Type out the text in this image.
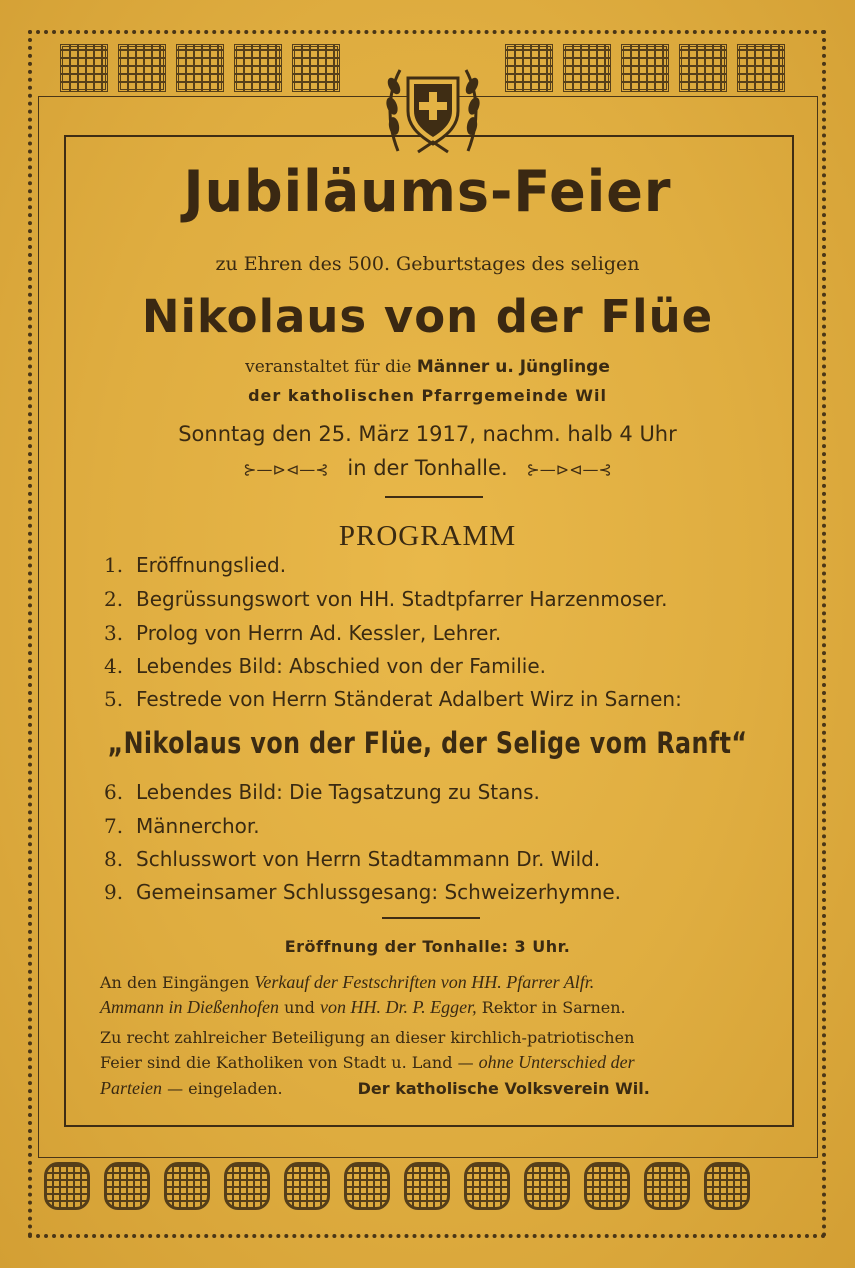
Jubiläums-Feier
zu Ehren des 500. Geburtstages des seligen
Nikolaus von der Flüe
veranstaltet für die Männer u. Jünglinge
der katholischen Pfarrgemeinde Wil
Sonntag den 25. März 1917, nachm. halb 4 Uhr
⊱—⊳⊲—⊰ in der Tonhalle. ⊱—⊳⊲—⊰
PROGRAMM
1. Eröffnungslied.
2. Begrüssungswort von HH. Stadtpfarrer Harzenmoser.
3. Prolog von Herrn Ad. Kessler, Lehrer.
4. Lebendes Bild: Abschied von der Familie.
5. Festrede von Herrn Ständerat Adalbert Wirz in Sarnen:
„Nikolaus von der Flüe, der Selige vom Ranft“
6. Lebendes Bild: Die Tagsatzung zu Stans.
7. Männerchor.
8. Schlusswort von Herrn Stadtammann Dr. Wild.
9. Gemeinsamer Schlussgesang: Schweizerhymne.
Eröffnung der Tonhalle: 3 Uhr.
An den Eingängen Verkauf der Festschriften von HH. Pfarrer Alfr.
Ammann in Dießenhofen und von HH. Dr. P. Egger, Rektor in Sarnen.
Zu recht zahlreicher Beteiligung an dieser kirchlich-patriotischen
Feier sind die Katholiken von Stadt u. Land — ohne Unterschied der
Parteien — eingeladen.	Der katholische Volksverein Wil.
